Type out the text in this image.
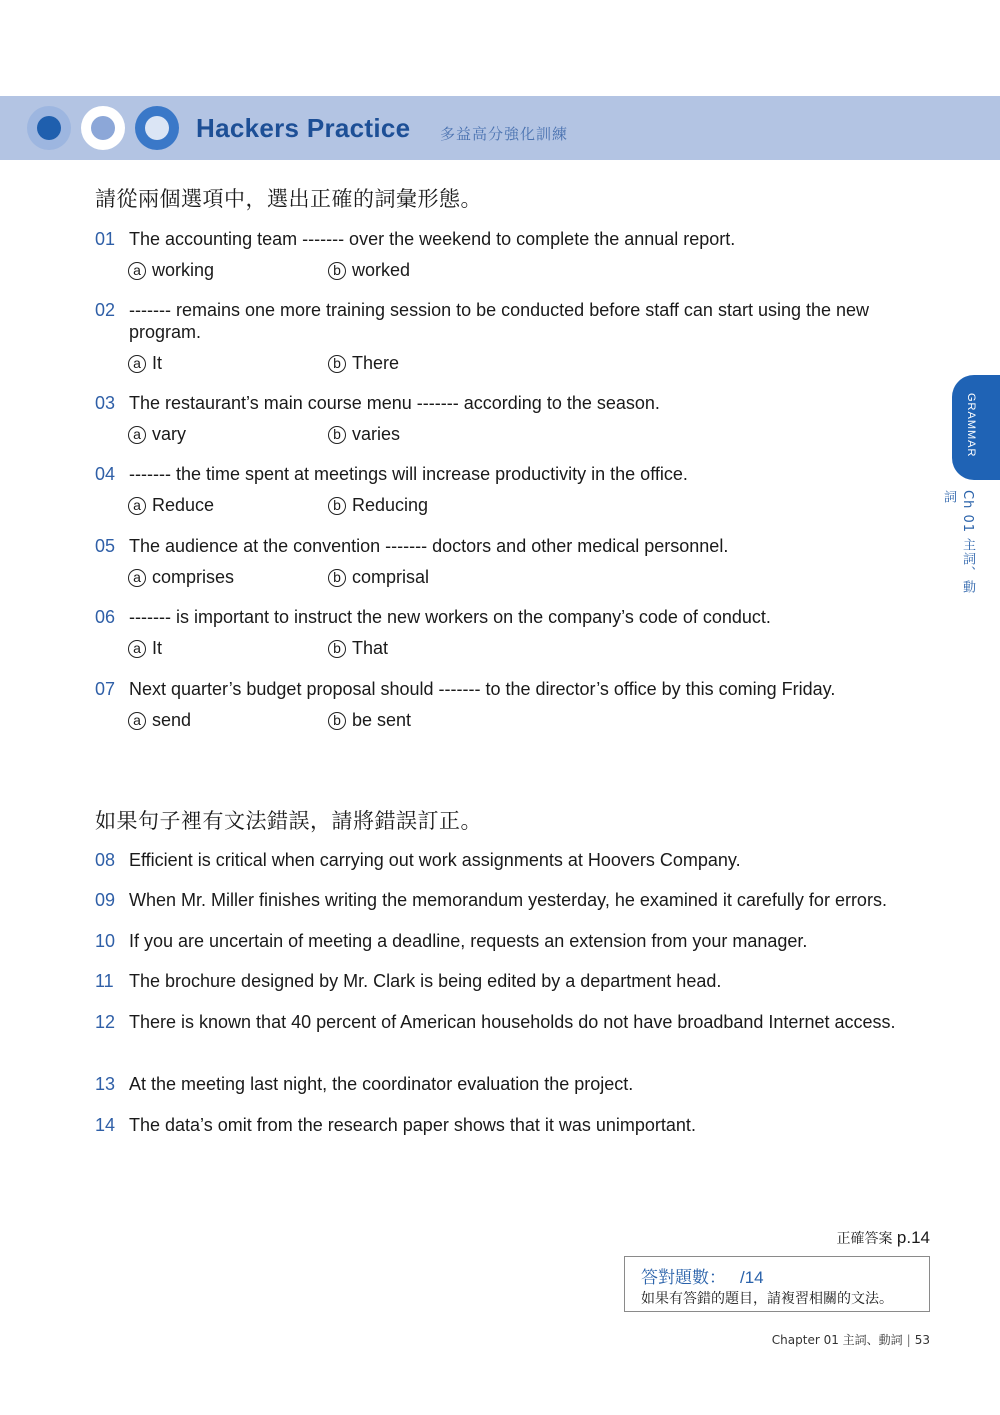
Hackers Practice 多益高分強化訓練
請從兩個選項中，選出正確的詞彙形態。
01 The accounting team ------- over the weekend to complete the annual report.
a working	b worked
02 ------- remains one more training session to be conducted before staff can start using the new program.
a It	b There
03 The restaurant’s main course menu ------- according to the season.
a vary	b varies
04 ------- the time spent at meetings will increase productivity in the office.
a Reduce	b Reducing
05 The audience at the convention ------- doctors and other medical personnel.
a comprises	b comprisal
06 ------- is important to instruct the new workers on the company’s code of conduct.
a It	b That
07 Next quarter’s budget proposal should ------- to the director’s office by this coming Friday.
a send	b be sent
如果句子裡有文法錯誤，請將錯誤訂正。
08 Efficient is critical when carrying out work assignments at Hoovers Company.
09 When Mr. Miller finishes writing the memorandum yesterday, he examined it carefully for errors.
10 If you are uncertain of meeting a deadline, requests an extension from your manager.
11 The brochure designed by Mr. Clark is being edited by a department head.
12 There is known that 40 percent of American households do not have broadband Internet access.
13 At the meeting last night, the coordinator evaluation the project.
14 The data’s omit from the research paper shows that it was unimportant.
GRAMMAR
Ch 01 主詞、動詞
正確答案 p.14
答對題數： /14
如果有答錯的題目，請複習相關的文法。
Chapter 01 主詞、動詞 | 53
